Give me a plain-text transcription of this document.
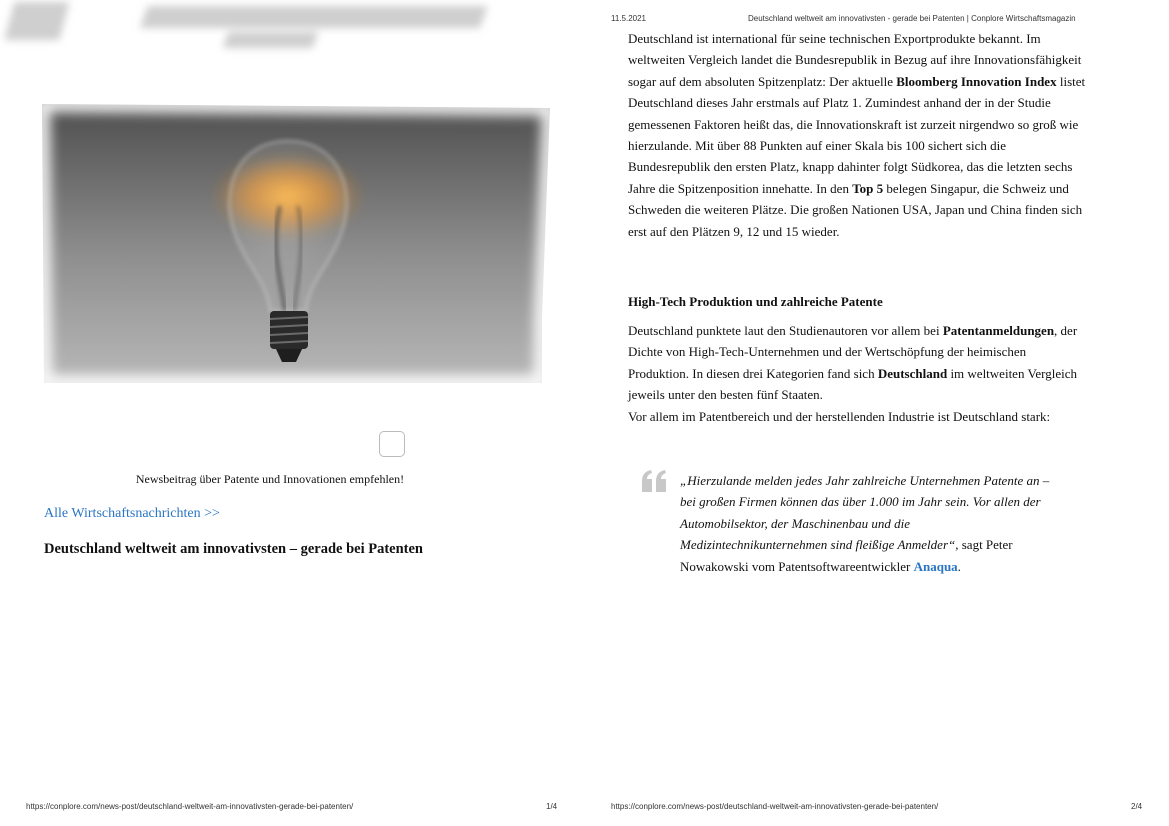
Newsbeitrag über Patente und Innovationen empfehlen!
Alle Wirtschaftsnachrichten >>
Deutschland weltweit am innovativsten – gerade bei Patenten
https://conplore.com/news-post/deutschland-weltweit-am-innovativsten-gerade-bei-patenten/	1/4
11.5.2021	Deutschland weltweit am innovativsten - gerade bei Patenten | Conplore Wirtschaftsmagazin

Deutschland ist international für seine technischen Exportprodukte bekannt. Im weltweiten Vergleich landet die Bundesrepublik in Bezug auf ihre Innovationsfähigkeit sogar auf dem absoluten Spitzenplatz: Der aktuelle Bloomberg Innovation Index listet Deutschland dieses Jahr erstmals auf Platz 1. Zumindest anhand der in der Studie gemessenen Faktoren heißt das, die Innovationskraft ist zurzeit nirgendwo so groß wie hierzulande. Mit über 88 Punkten auf einer Skala bis 100 sichert sich die Bundesrepublik den ersten Platz, knapp dahinter folgt Südkorea, das die letzten sechs Jahre die Spitzenposition innehatte. In den Top 5 belegen Singapur, die Schweiz und Schweden die weiteren Plätze. Die großen Nationen USA, Japan und China finden sich erst auf den Plätzen 9, 12 und 15 wieder.

High-Tech Produktion und zahlreiche Patente

Deutschland punktete laut den Studienautoren vor allem bei Patentanmeldungen, der Dichte von High-Tech-Unternehmen und der Wertschöpfung der heimischen Produktion. In diesen drei Kategorien fand sich Deutschland im weltweiten Vergleich jeweils unter den besten fünf Staaten.

Vor allem im Patentbereich und der herstellenden Industrie ist Deutschland stark:

„Hierzulande melden jedes Jahr zahlreiche Unternehmen Patente an – bei großen Firmen können das über 1.000 im Jahr sein. Vor allen der Automobilsektor, der Maschinenbau und die Medizintechnikunternehmen sind fleißige Anmelder“, sagt Peter Nowakowski vom Patentsoftwareentwickler Anaqua.
https://conplore.com/news-post/deutschland-weltweit-am-innovativsten-gerade-bei-patenten/	2/4
